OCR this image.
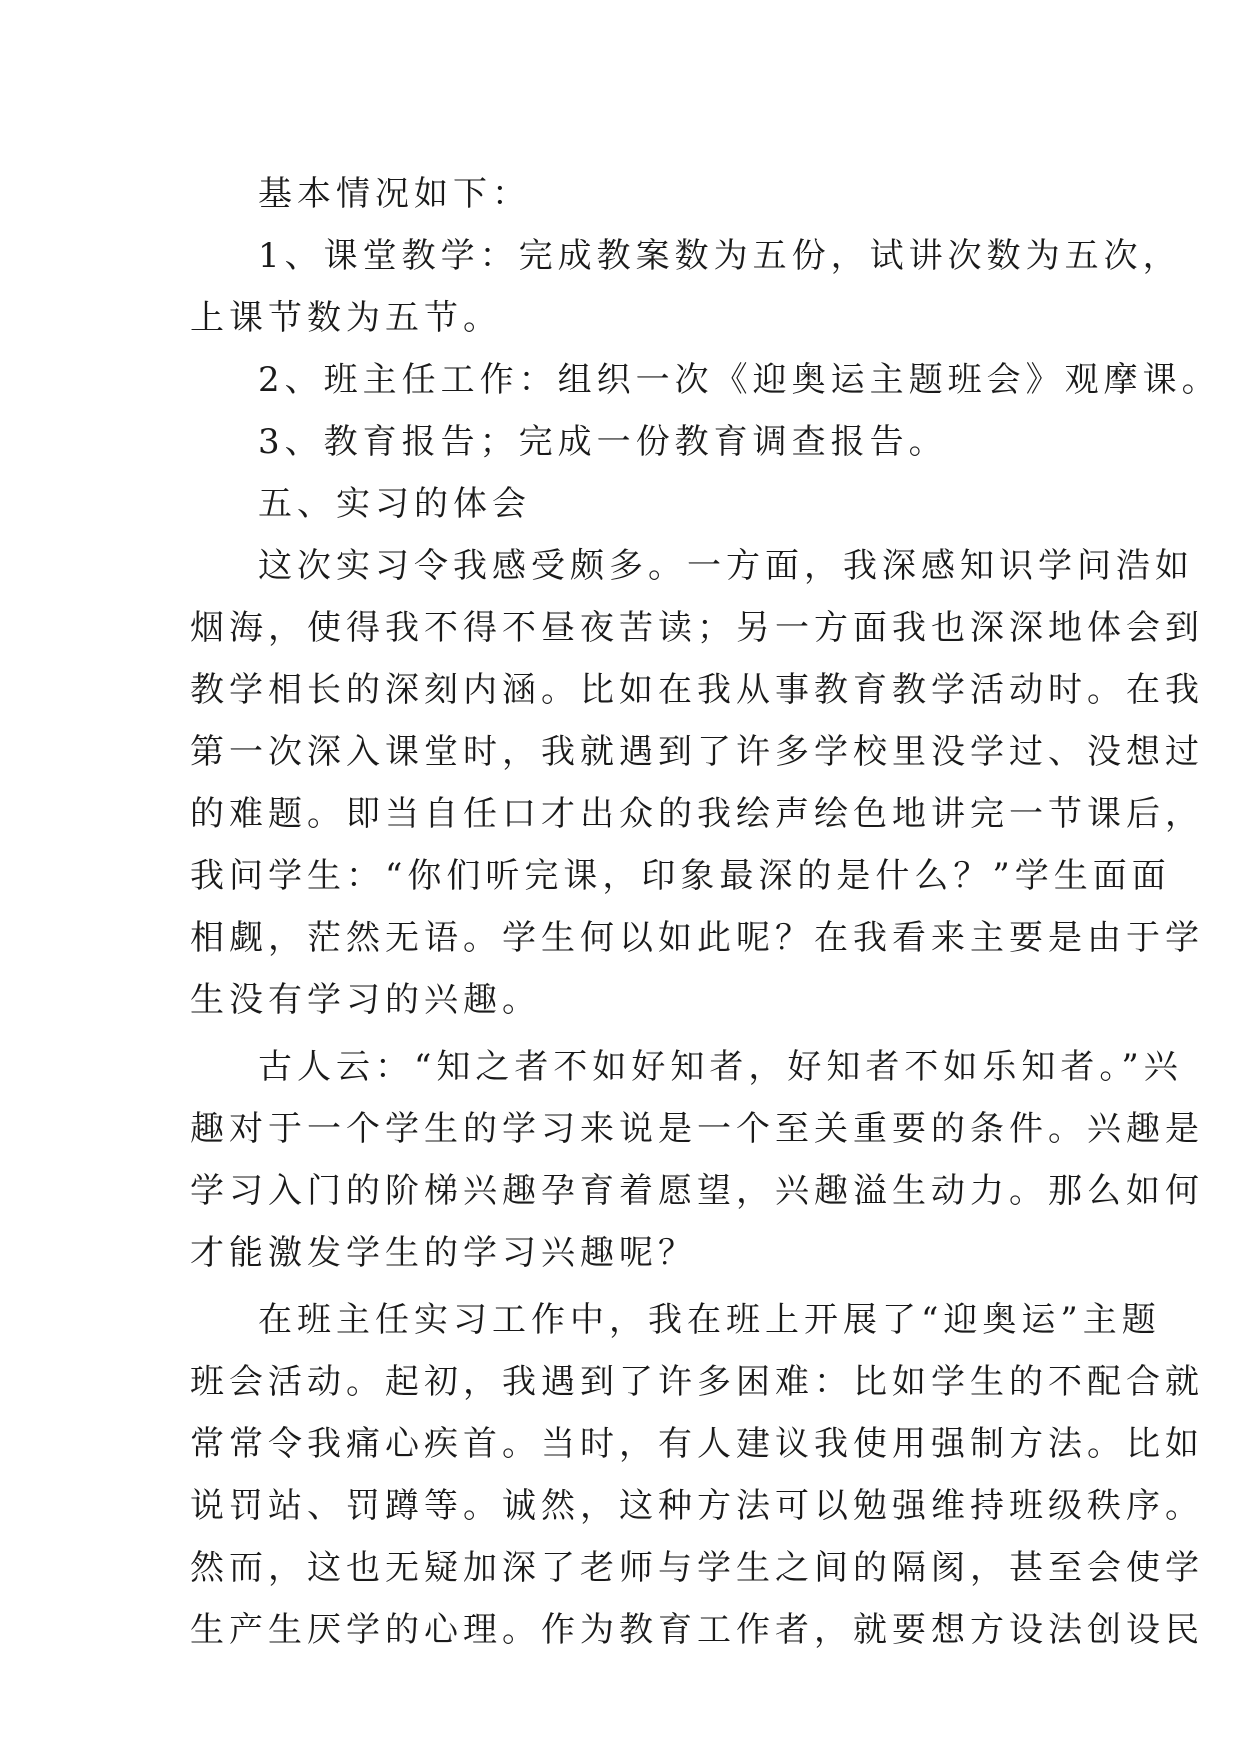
基本情况如下：
1、课堂教学：完成教案数为五份，试讲次数为五次，
上课节数为五节。
2、班主任工作：组织一次《迎奥运主题班会》观摩课。
3、教育报告；完成一份教育调查报告。
五、实习的体会
这次实习令我感受颇多。一方面，我深感知识学问浩如
烟海，使得我不得不昼夜苦读；另一方面我也深深地体会到
教学相长的深刻内涵。比如在我从事教育教学活动时。在我
第一次深入课堂时，我就遇到了许多学校里没学过、没想过
的难题。即当自任口才出众的我绘声绘色地讲完一节课后，
我问学生：“你们听完课，印象最深的是什么？”学生面面
相觑，茫然无语。学生何以如此呢？在我看来主要是由于学
生没有学习的兴趣。
古人云：“知之者不如好知者，好知者不如乐知者。”兴
趣对于一个学生的学习来说是一个至关重要的条件。兴趣是
学习入门的阶梯兴趣孕育着愿望，兴趣溢生动力。那么如何
才能激发学生的学习兴趣呢？
在班主任实习工作中，我在班上开展了“迎奥运”主题
班会活动。起初，我遇到了许多困难：比如学生的不配合就
常常令我痛心疾首。当时，有人建议我使用强制方法。比如
说罚站、罚蹲等。诚然，这种方法可以勉强维持班级秩序。
然而，这也无疑加深了老师与学生之间的隔阂，甚至会使学
生产生厌学的心理。作为教育工作者，就要想方设法创设民
